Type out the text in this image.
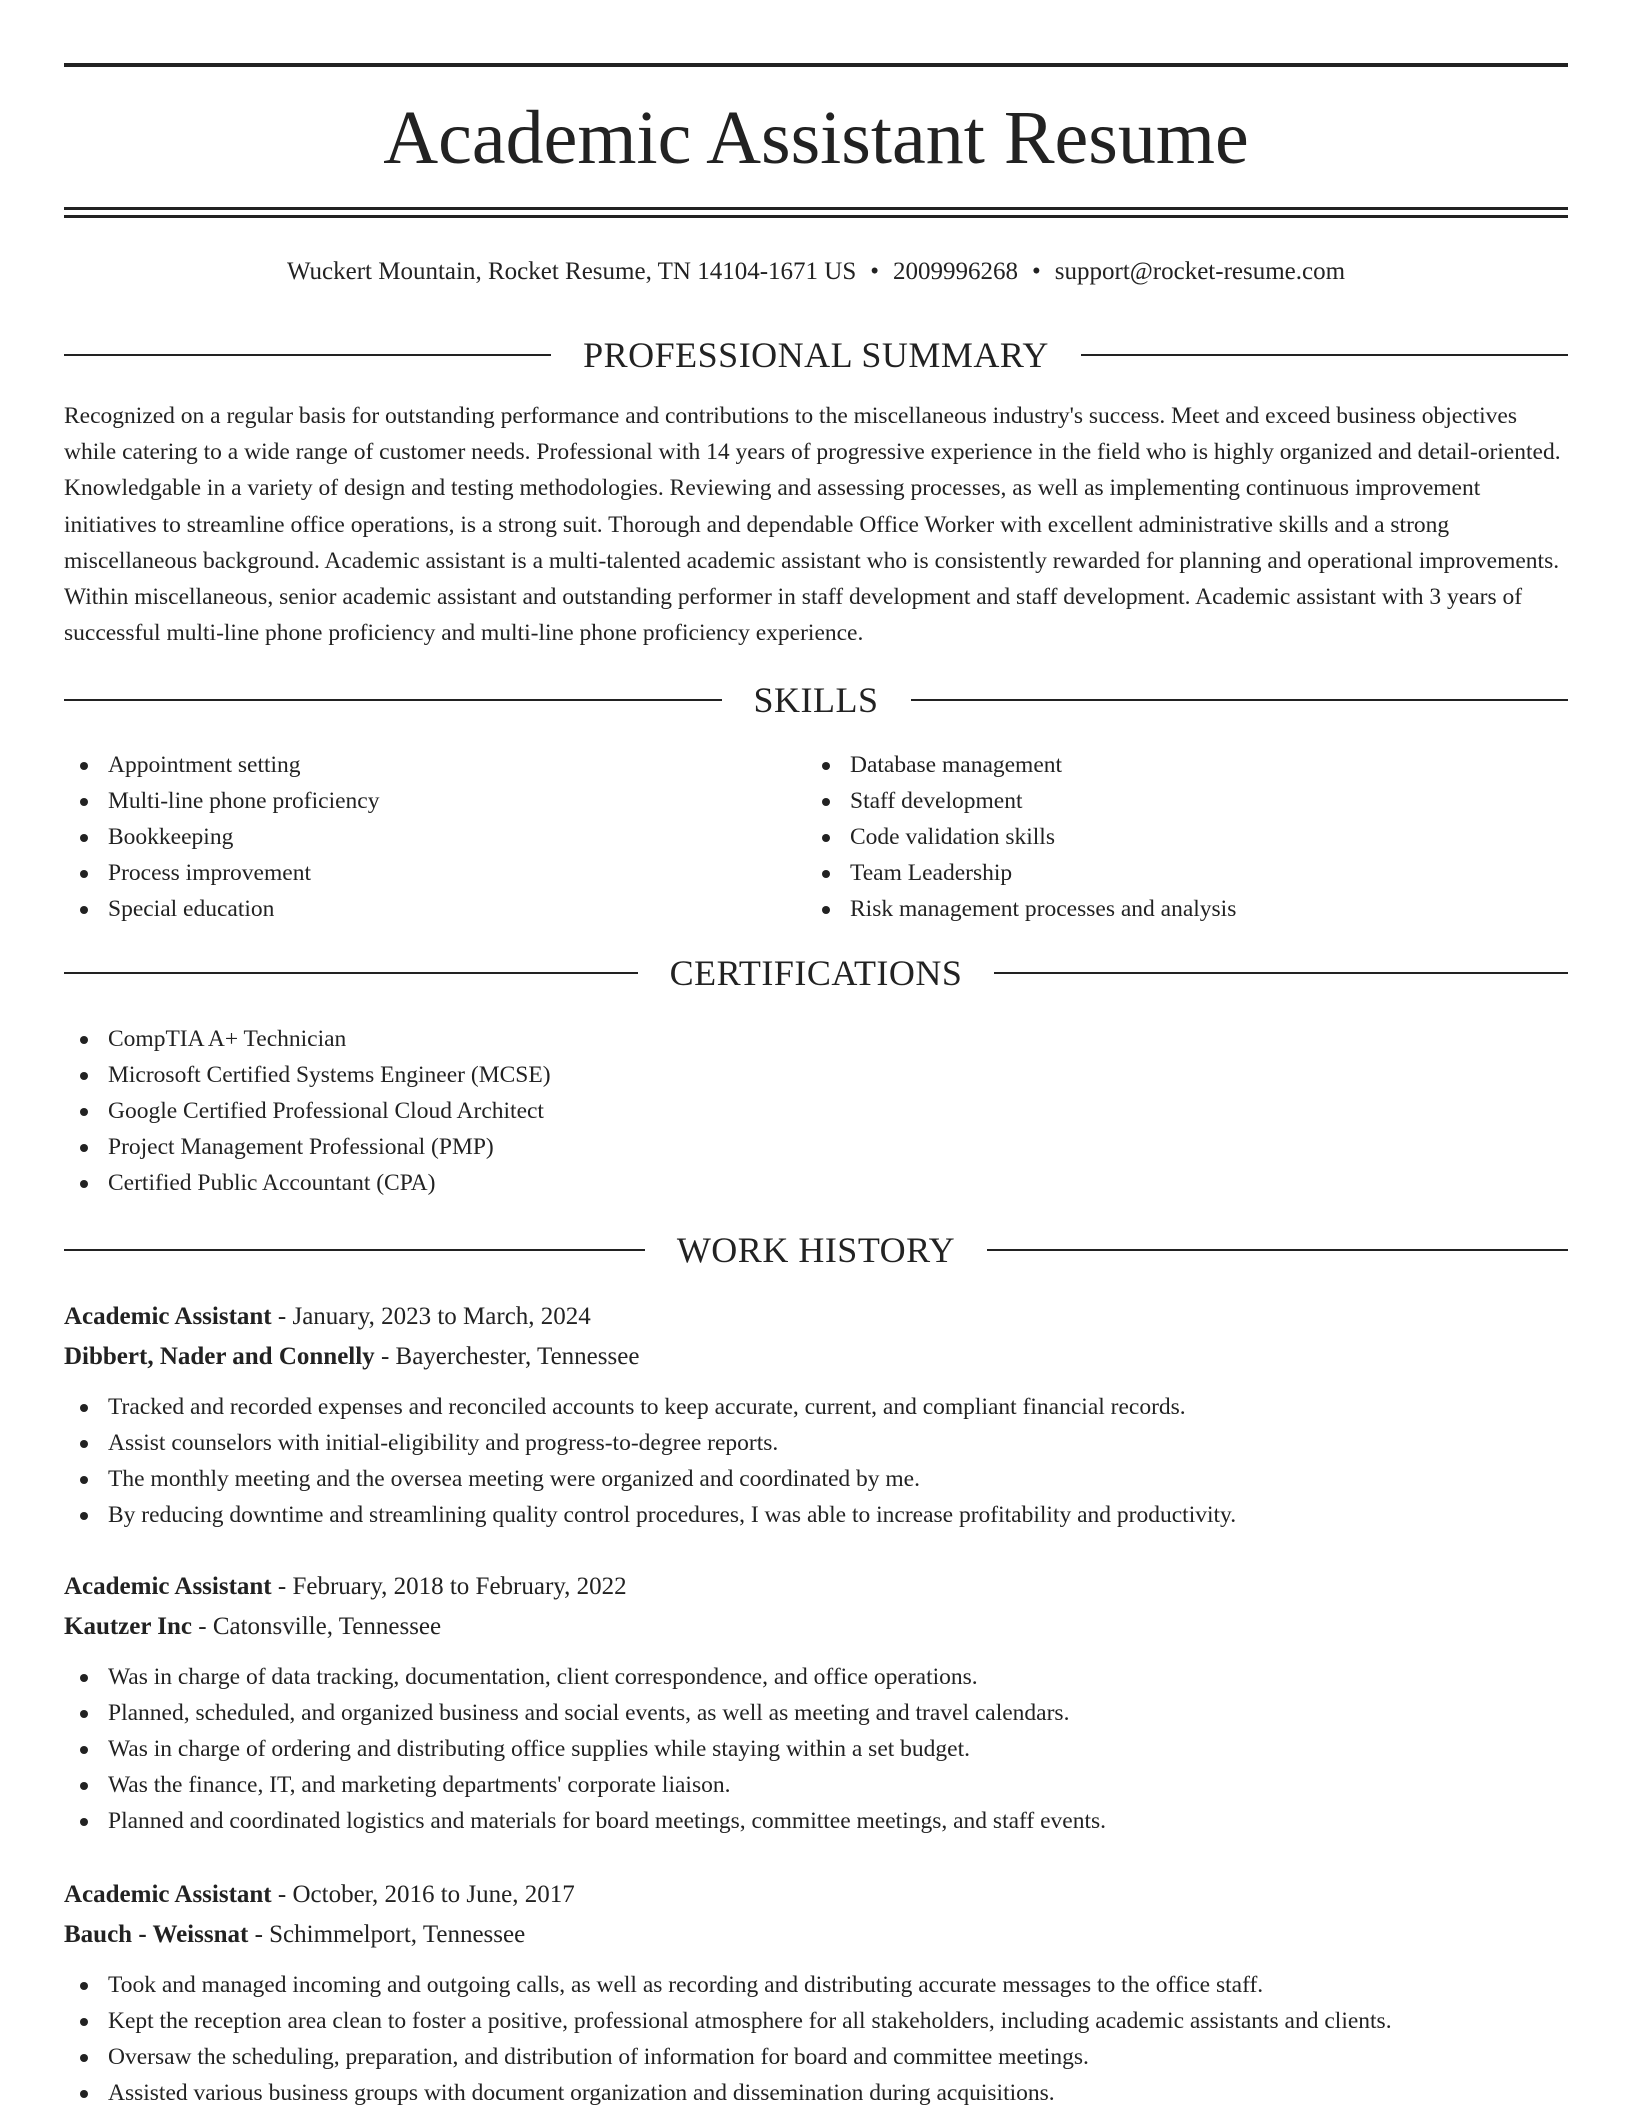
Academic Assistant Resume
Wuckert Mountain, Rocket Resume, TN 14104-1671 US • 2009996268 • support@rocket-resume.com
PROFESSIONAL SUMMARY

Recognized on a regular basis for outstanding performance and contributions to the miscellaneous industry's success. Meet and exceed business objectives while catering to a wide range of customer needs. Professional with 14 years of progressive experience in the field who is highly organized and detail-oriented. Knowledgable in a variety of design and testing methodologies. Reviewing and assessing processes, as well as implementing continuous improvement initiatives to streamline office operations, is a strong suit. Thorough and dependable Office Worker with excellent administrative skills and a strong miscellaneous background. Academic assistant is a multi-talented academic assistant who is consistently rewarded for planning and operational improvements. Within miscellaneous, senior academic assistant and outstanding performer in staff development and staff development. Academic assistant with 3 years of successful multi-line phone proficiency and multi-line phone proficiency experience.

SKILLS
Appointment setting
Multi-line phone proficiency
Bookkeeping
Process improvement
Special education
Database management
Staff development
Code validation skills
Team Leadership
Risk management processes and analysis
CERTIFICATIONS
CompTIA A+ Technician
Microsoft Certified Systems Engineer (MCSE)
Google Certified Professional Cloud Architect
Project Management Professional (PMP)
Certified Public Accountant (CPA)
WORK HISTORY
Academic Assistant - January, 2023 to March, 2024
Dibbert, Nader and Connelly - Bayerchester, Tennessee
Tracked and recorded expenses and reconciled accounts to keep accurate, current, and compliant financial records.
Assist counselors with initial-eligibility and progress-to-degree reports.
The monthly meeting and the oversea meeting were organized and coordinated by me.
By reducing downtime and streamlining quality control procedures, I was able to increase profitability and productivity.
Academic Assistant - February, 2018 to February, 2022
Kautzer Inc - Catonsville, Tennessee
Was in charge of data tracking, documentation, client correspondence, and office operations.
Planned, scheduled, and organized business and social events, as well as meeting and travel calendars.
Was in charge of ordering and distributing office supplies while staying within a set budget.
Was the finance, IT, and marketing departments' corporate liaison.
Planned and coordinated logistics and materials for board meetings, committee meetings, and staff events.
Academic Assistant - October, 2016 to June, 2017
Bauch - Weissnat - Schimmelport, Tennessee
Took and managed incoming and outgoing calls, as well as recording and distributing accurate messages to the office staff.
Kept the reception area clean to foster a positive, professional atmosphere for all stakeholders, including academic assistants and clients.
Oversaw the scheduling, preparation, and distribution of information for board and committee meetings.
Assisted various business groups with document organization and dissemination during acquisitions.
